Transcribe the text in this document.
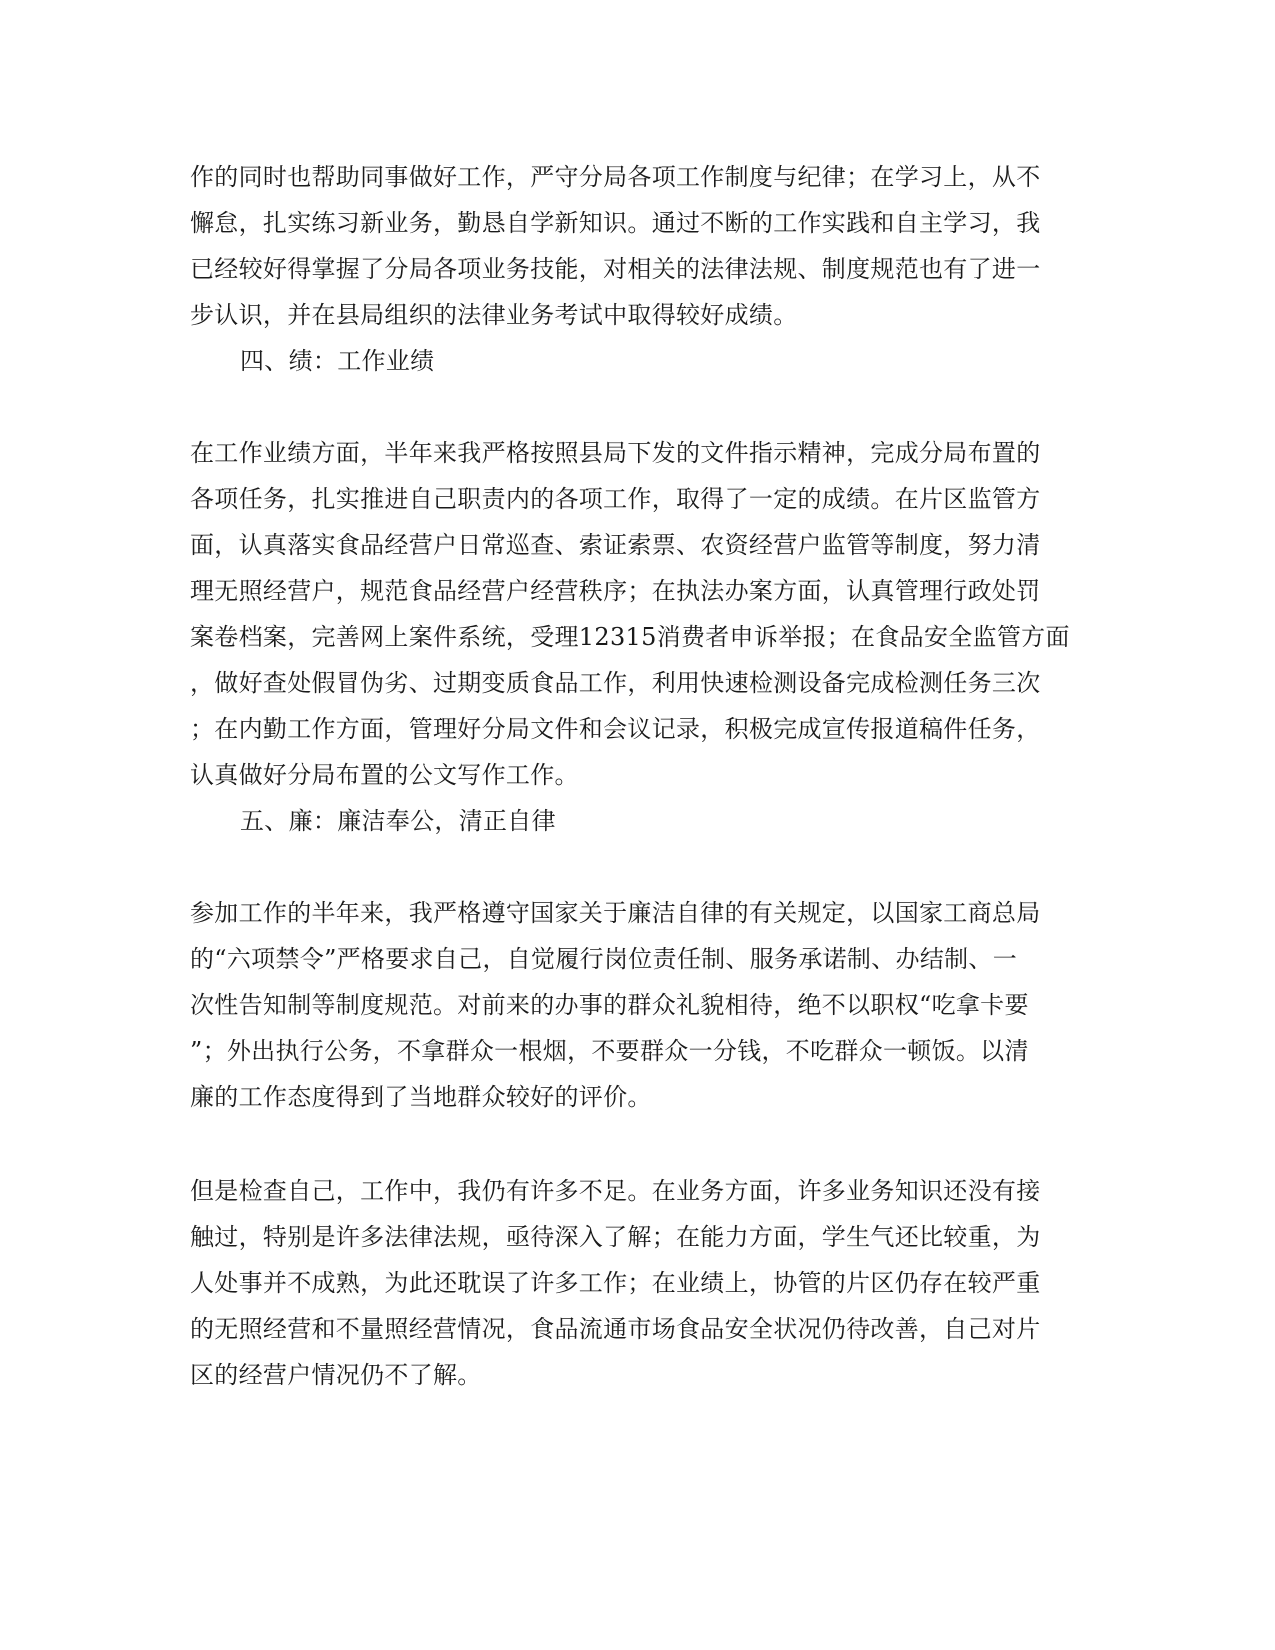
作的同时也帮助同事做好工作，严守分局各项工作制度与纪律；在学习上，从不
懈怠，扎实练习新业务，勤恳自学新知识。通过不断的工作实践和自主学习，我
已经较好得掌握了分局各项业务技能，对相关的法律法规、制度规范也有了进一
步认识，并在县局组织的法律业务考试中取得较好成绩。
四、绩：工作业绩
在工作业绩方面，半年来我严格按照县局下发的文件指示精神，完成分局布置的
各项任务，扎实推进自己职责内的各项工作，取得了一定的成绩。在片区监管方
面，认真落实食品经营户日常巡查、索证索票、农资经营户监管等制度，努力清
理无照经营户，规范食品经营户经营秩序；在执法办案方面，认真管理行政处罚
案卷档案，完善网上案件系统，受理12315消费者申诉举报；在食品安全监管方面
，做好查处假冒伪劣、过期变质食品工作，利用快速检测设备完成检测任务三次
；在内勤工作方面，管理好分局文件和会议记录，积极完成宣传报道稿件任务，
认真做好分局布置的公文写作工作。
五、廉：廉洁奉公，清正自律
参加工作的半年来，我严格遵守国家关于廉洁自律的有关规定，以国家工商总局
的“六项禁令”严格要求自己，自觉履行岗位责任制、服务承诺制、办结制、一
次性告知制等制度规范。对前来的办事的群众礼貌相待，绝不以职权“吃拿卡要
”；外出执行公务，不拿群众一根烟，不要群众一分钱，不吃群众一顿饭。以清
廉的工作态度得到了当地群众较好的评价。
但是检查自己，工作中，我仍有许多不足。在业务方面，许多业务知识还没有接
触过，特别是许多法律法规，亟待深入了解；在能力方面，学生气还比较重，为
人处事并不成熟，为此还耽误了许多工作；在业绩上，协管的片区仍存在较严重
的无照经营和不量照经营情况，食品流通市场食品安全状况仍待改善，自己对片
区的经营户情况仍不了解。
